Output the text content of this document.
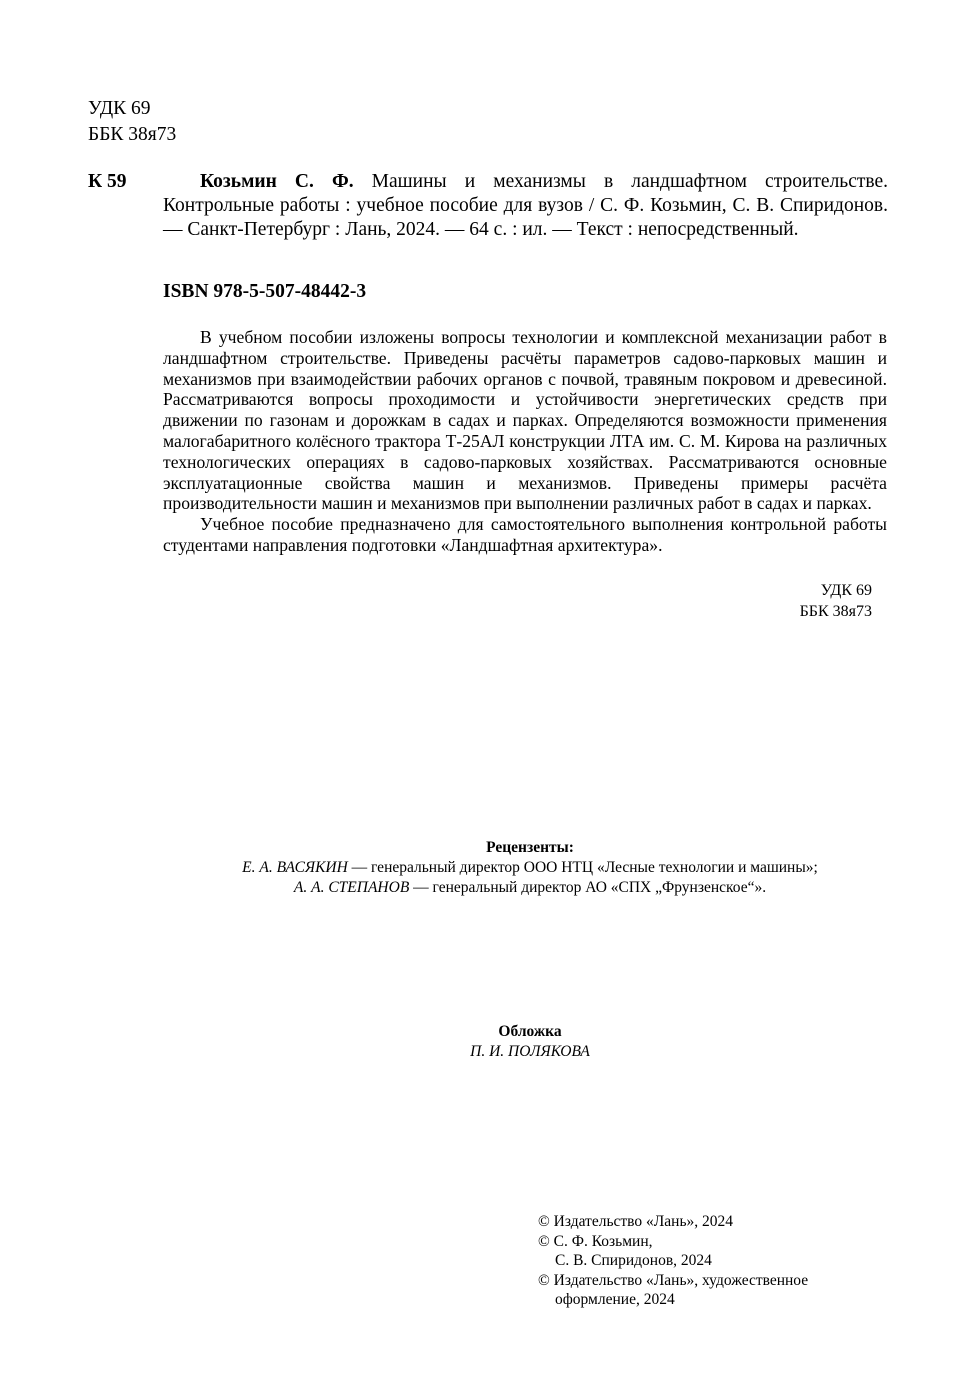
УДК 69
ББК 38я73
К 59	Козьмин С. Ф. Машины и механизмы в ландшафтном строительстве. Контрольные работы : учебное пособие для вузов / С. Ф. Козьмин, С. В. Спиридонов. — Санкт-Петербург : Лань, 2024. — 64 с. : ил. — Текст : непосредственный.
ISBN 978-5-507-48442-3

В учебном пособии изложены вопросы технологии и комплексной механизации работ в ландшафтном строительстве. Приведены расчёты параметров садово-парковых машин и механизмов при взаимодействии рабочих органов с почвой, травяным покровом и древесиной. Рассматриваются вопросы проходимости и устойчивости энергетических средств при движении по газонам и дорожкам в садах и парках. Определяются возможности применения малогабаритного колёсного трактора Т-25АЛ конструкции ЛТА им. С. М. Кирова на различных технологических операциях в садово-парковых хозяйствах. Рассматриваются основные эксплуатационные свойства машин и механизмов. Приведены примеры расчёта производительности машин и механизмов при выполнении различных работ в садах и парках.

Учебное пособие предназначено для самостоятельного выполнения контрольной работы студентами направления подготовки «Ландшафтная архитектура».

УДК 69
ББК 38я73
Рецензенты:
Е. А. ВАСЯКИН — генеральный директор ООО НТЦ «Лесные технологии и машины»;
А. А. СТЕПАНОВ — генеральный директор АО «СПХ „Фрунзенское“».
Обложка
П. И. ПОЛЯКОВА
© Издательство «Лань», 2024
© С. Ф. Козьмин,
С. В. Спиридонов, 2024
© Издательство «Лань», художественное
оформление, 2024
